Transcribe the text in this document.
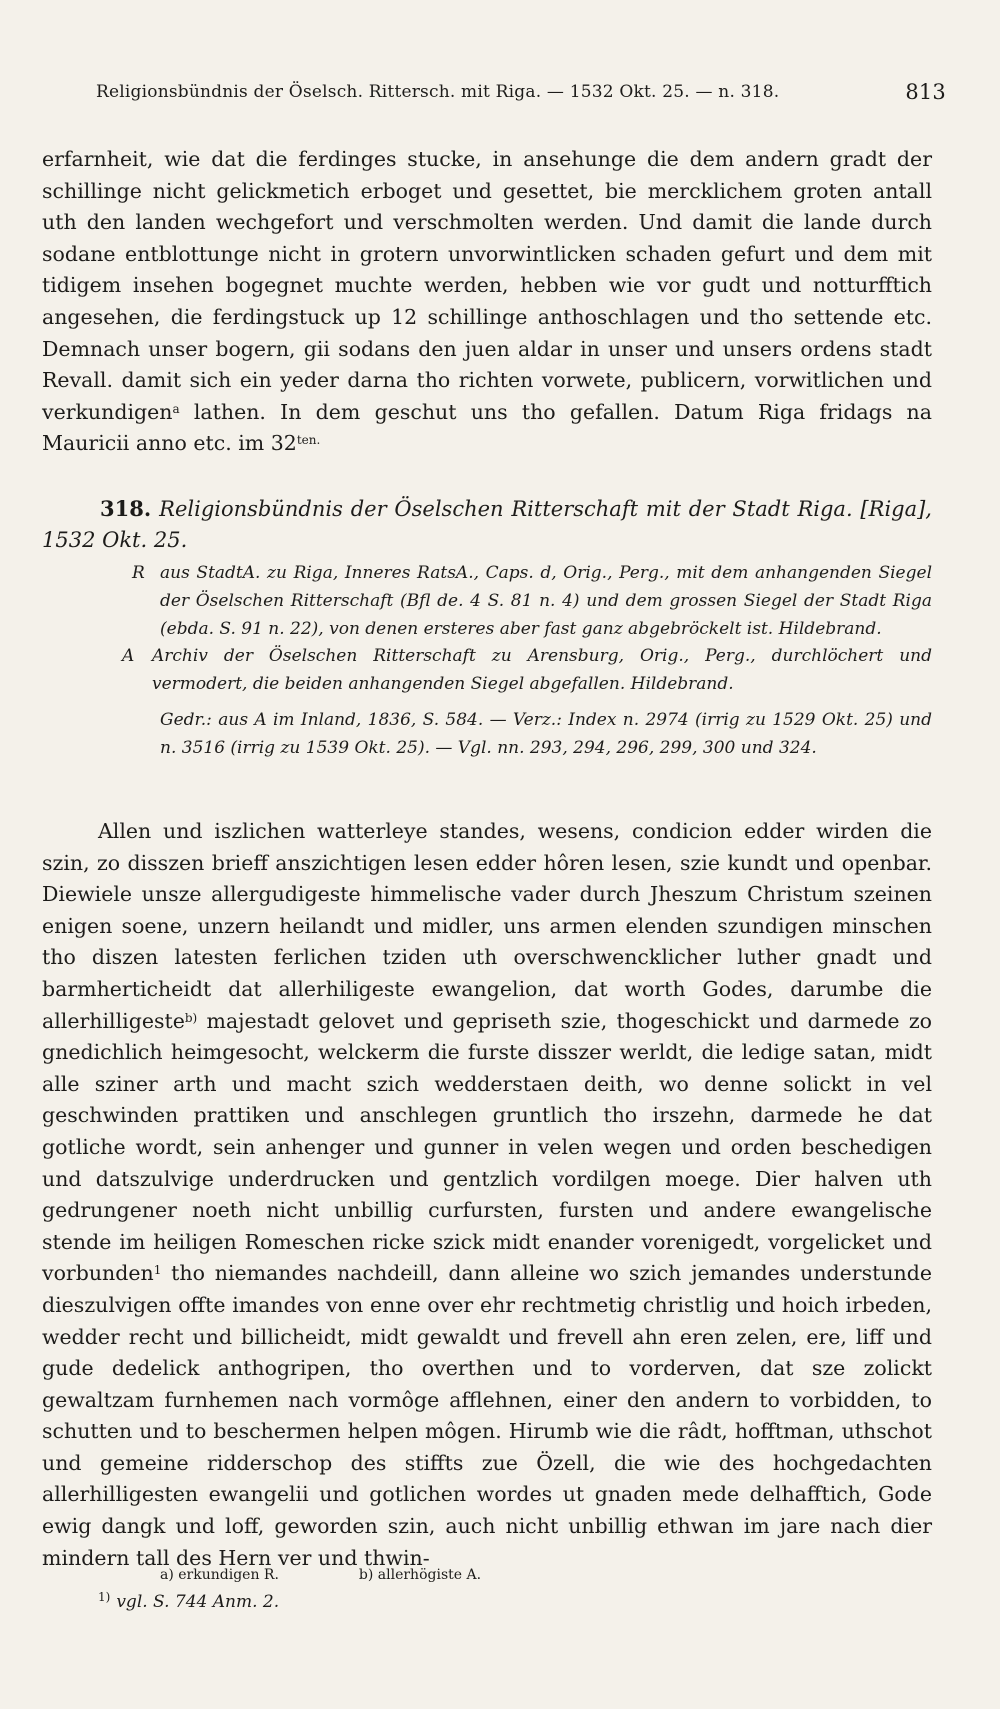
Religionsbündnis der Öselsch. Rittersch. mit Riga. — 1532 Okt. 25. — n. 318.	813

erfarnheit, wie dat die ferdinges stucke, in ansehunge die dem andern gradt der schillinge nicht gelickmetich erboget und gesettet, bie mercklichem groten antall uth den landen wechgefort und verschmolten werden. Und damit die lande durch sodane entblottunge nicht in grotern unvorwintlicken schaden gefurt und dem mit tidigem insehen bogegnet muchte werden, hebben wie vor gudt und notturfftich angesehen, die ferdingstuck up 12 schillinge anthoschlagen und tho settende etc. Demnach unser bogern, gii sodans den juen aldar in unser und unsers ordens stadt Revall. damit sich ein yeder darna tho richten vorwete, publicern, vorwitlichen und verkundigen$^a$ lathen. In dem geschut uns tho gefallen. Datum Riga fridags na Mauricii anno etc. im $32^{ten.}$

318. Religionsbündnis der Öselschen Ritterschaft mit der Stadt Riga. [Riga], 1532 Okt. 25.
R aus StadtA. zu Riga, Inneres RatsA., Caps. d, Orig., Perg., mit dem anhangenden Siegel der Öselschen Ritterschaft (Bfl de. 4 S. 81 n. 4) und dem grossen Siegel der Stadt Riga (ebda. S. 91 n. 22), von denen ersteres aber fast ganz abgebröckelt ist. Hildebrand.
A Archiv der Öselschen Ritterschaft zu Arensburg, Orig., Perg., durchlöchert und vermodert, die beiden anhangenden Siegel abgefallen. Hildebrand.
Gedr.: aus A im Inland, 1836, S. 584. — Verz.: Index n. 2974 (irrig zu 1529 Okt. 25) und n. 3516 (irrig zu 1539 Okt. 25). — Vgl. nn. 293, 294, 296, 299, 300 und 324.

Allen und iszlichen watterleye standes, wesens, condicion edder wirden die szin, zo disszen brieff anszichtigen lesen edder hôren lesen, szie kundt und openbar. Diewiele unsze allergudigeste himmelische vader durch Jheszum Christum szeinen enigen soene, unzern heilandt und midler, uns armen elenden szundigen minschen tho diszen latesten ferlichen tziden uth overschwencklicher luther gnadt und barmherticheidt dat allerhiligeste ewangelion, dat worth Godes, darumbe die allerhilligeste$^{b)}$ majestadt gelovet und gepriseth szie, thogeschickt und darmede zo gnedichlich heimgesocht, welckerm die furste disszer werldt, die ledige satan, midt alle sziner arth und macht szich wedderstaen deith, wo denne solickt in vel geschwinden prattiken und anschlegen gruntlich tho irszehn, darmede he dat gotliche wordt, sein anhenger und gunner in velen wegen und orden beschedigen und datszulvige underdrucken und gentzlich vordilgen moege. Dier halven uth gedrungener noeth nicht unbillig curfursten, fursten und andere ewangelische stende im heiligen Romeschen ricke szick midt enander vorenigedt, vorgelicket und vorbunden$^1$ tho niemandes nachdeill, dann alleine wo szich jemandes understunde dieszulvigen offte imandes von enne over ehr rechtmetig christlig und hoich irbeden, wedder recht und billicheidt, midt gewaldt und frevell ahn eren zelen, ere, liff und gude dedelick anthogripen, tho overthen und to vorderven, dat sze zolickt gewaltzam furnhemen nach vormôge afflehnen, einer den andern to vorbidden, to schutten und to beschermen helpen môgen. Hirumb wie die râdt, hofftman, uthschot und gemeine ridderschop des stiffts zue Özell, die wie des hochgedachten allerhilligesten ewangelii und gotlichen wordes ut gnaden mede delhafftich, Gode ewig dangk und loff, geworden szin, auch nicht unbillig ethwan im jare nach dier mindern tall des Hern ver und thwin-

a) erkundigen R.	b) allerhögiste A.
$^{1)}$ vgl. S. 744 Anm. 2.
